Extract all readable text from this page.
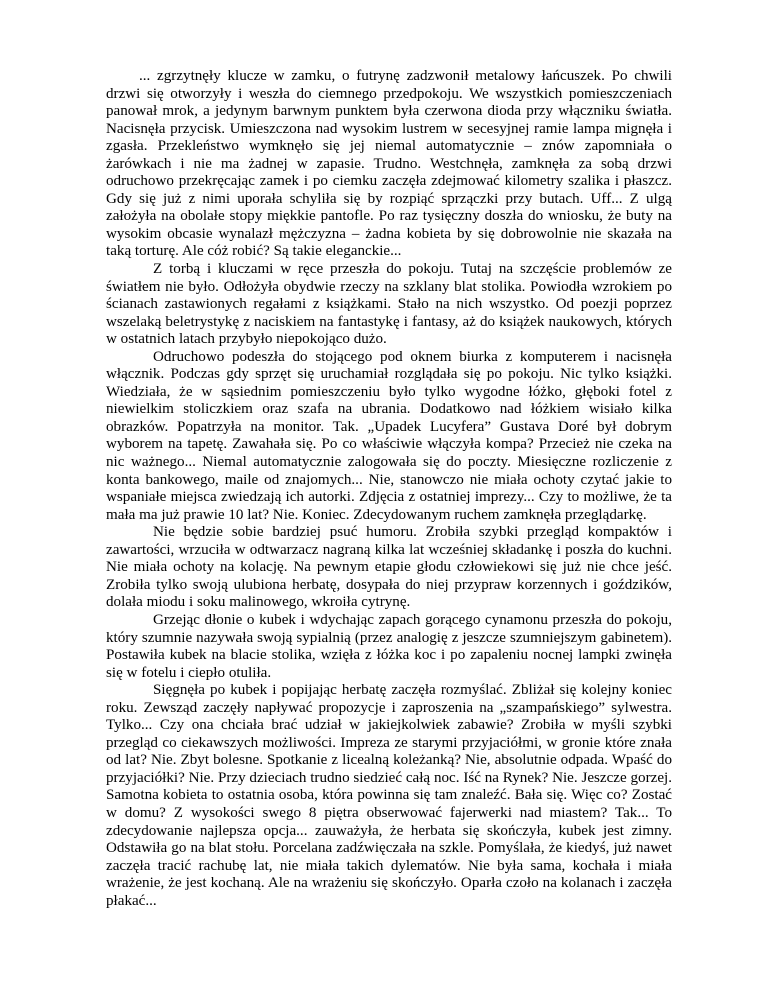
... zgrzytnęły klucze w zamku, o futrynę zadzwonił metalowy łańcuszek. Po chwili drzwi się otworzyły i weszła do ciemnego przedpokoju. We wszystkich pomieszczeniach panował mrok, a jedynym barwnym punktem była czerwona dioda przy włączniku światła. Nacisnęła przycisk. Umieszczona nad wysokim lustrem w secesyjnej ramie lampa mignęła i zgasła. Przekleństwo wymknęło się jej niemal automatycznie – znów zapomniała o żarówkach i nie ma żadnej w zapasie. Trudno. Westchnęła, zamknęła za sobą drzwi odruchowo przekręcając zamek i po ciemku zaczęła zdejmować kilometry szalika i płaszcz. Gdy się już z nimi uporała schyliła się by rozpiąć sprzączki przy butach. Uff... Z ulgą założyła na obolałe stopy miękkie pantofle. Po raz tysięczny doszła do wniosku, że buty na wysokim obcasie wynalazł mężczyzna – żadna kobieta by się dobrowolnie nie skazała na taką torturę. Ale cóż robić? Są takie eleganckie...

Z torbą i kluczami w ręce przeszła do pokoju. Tutaj na szczęście problemów ze światłem nie było. Odłożyła obydwie rzeczy na szklany blat stolika. Powiodła wzrokiem po ścianach zastawionych regałami z książkami. Stało na nich wszystko. Od poezji poprzez wszelaką beletrystykę z naciskiem na fantastykę i fantasy, aż do książek naukowych, których w ostatnich latach przybyło niepokojąco dużo.

Odruchowo podeszła do stojącego pod oknem biurka z komputerem i nacisnęła włącznik. Podczas gdy sprzęt się uruchamiał rozglądała się po pokoju. Nic tylko książki. Wiedziała, że w sąsiednim pomieszczeniu było tylko wygodne łóżko, głęboki fotel z niewielkim stoliczkiem oraz szafa na ubrania. Dodatkowo nad łóżkiem wisiało kilka obrazków. Popatrzyła na monitor. Tak. „Upadek Lucyfera” Gustava Doré był dobrym wyborem na tapetę. Zawahała się. Po co właściwie włączyła kompa? Przecież nie czeka na nic ważnego... Niemal automatycznie zalogowała się do poczty. Miesięczne rozliczenie z konta bankowego, maile od znajomych... Nie, stanowczo nie miała ochoty czytać jakie to wspaniałe miejsca zwiedzają ich autorki. Zdjęcia z ostatniej imprezy... Czy to możliwe, że ta mała ma już prawie 10 lat? Nie. Koniec. Zdecydowanym ruchem zamknęła przeglądarkę.

Nie będzie sobie bardziej psuć humoru. Zrobiła szybki przegląd kompaktów i zawartości, wrzuciła w odtwarzacz nagraną kilka lat wcześniej składankę i poszła do kuchni. Nie miała ochoty na kolację. Na pewnym etapie głodu człowiekowi się już nie chce jeść. Zrobiła tylko swoją ulubiona herbatę, dosypała do niej przypraw korzennych i goździków, dolała miodu i soku malinowego, wkroiła cytrynę.

Grzejąc dłonie o kubek i wdychając zapach gorącego cynamonu przeszła do pokoju, który szumnie nazywała swoją sypialnią (przez analogię z jeszcze szumniejszym gabinetem). Postawiła kubek na blacie stolika, wzięła z łóżka koc i po zapaleniu nocnej lampki zwinęła się w fotelu i ciepło otuliła.

Sięgnęła po kubek i popijając herbatę zaczęła rozmyślać. Zbliżał się kolejny koniec roku. Zewsząd zaczęły napływać propozycje i zaproszenia na „szampańskiego” sylwestra. Tylko... Czy ona chciała brać udział w jakiejkolwiek zabawie? Zrobiła w myśli szybki przegląd co ciekawszych możliwości. Impreza ze starymi przyjaciółmi, w gronie które znała od lat? Nie. Zbyt bolesne. Spotkanie z licealną koleżanką? Nie, absolutnie odpada. Wpaść do przyjaciółki? Nie. Przy dzieciach trudno siedzieć całą noc. Iść na Rynek? Nie. Jeszcze gorzej. Samotna kobieta to ostatnia osoba, która powinna się tam znaleźć. Bała się. Więc co? Zostać w domu? Z wysokości swego 8 piętra obserwować fajerwerki nad miastem? Tak... To zdecydowanie najlepsza opcja... zauważyła, że herbata się skończyła, kubek jest zimny. Odstawiła go na blat stołu. Porcelana zadźwięczała na szkle. Pomyślała, że kiedyś, już nawet zaczęła tracić rachubę lat, nie miała takich dylematów. Nie była sama, kochała i miała wrażenie, że jest kochaną. Ale na wrażeniu się skończyło. Oparła czoło na kolanach i zaczęła płakać...
